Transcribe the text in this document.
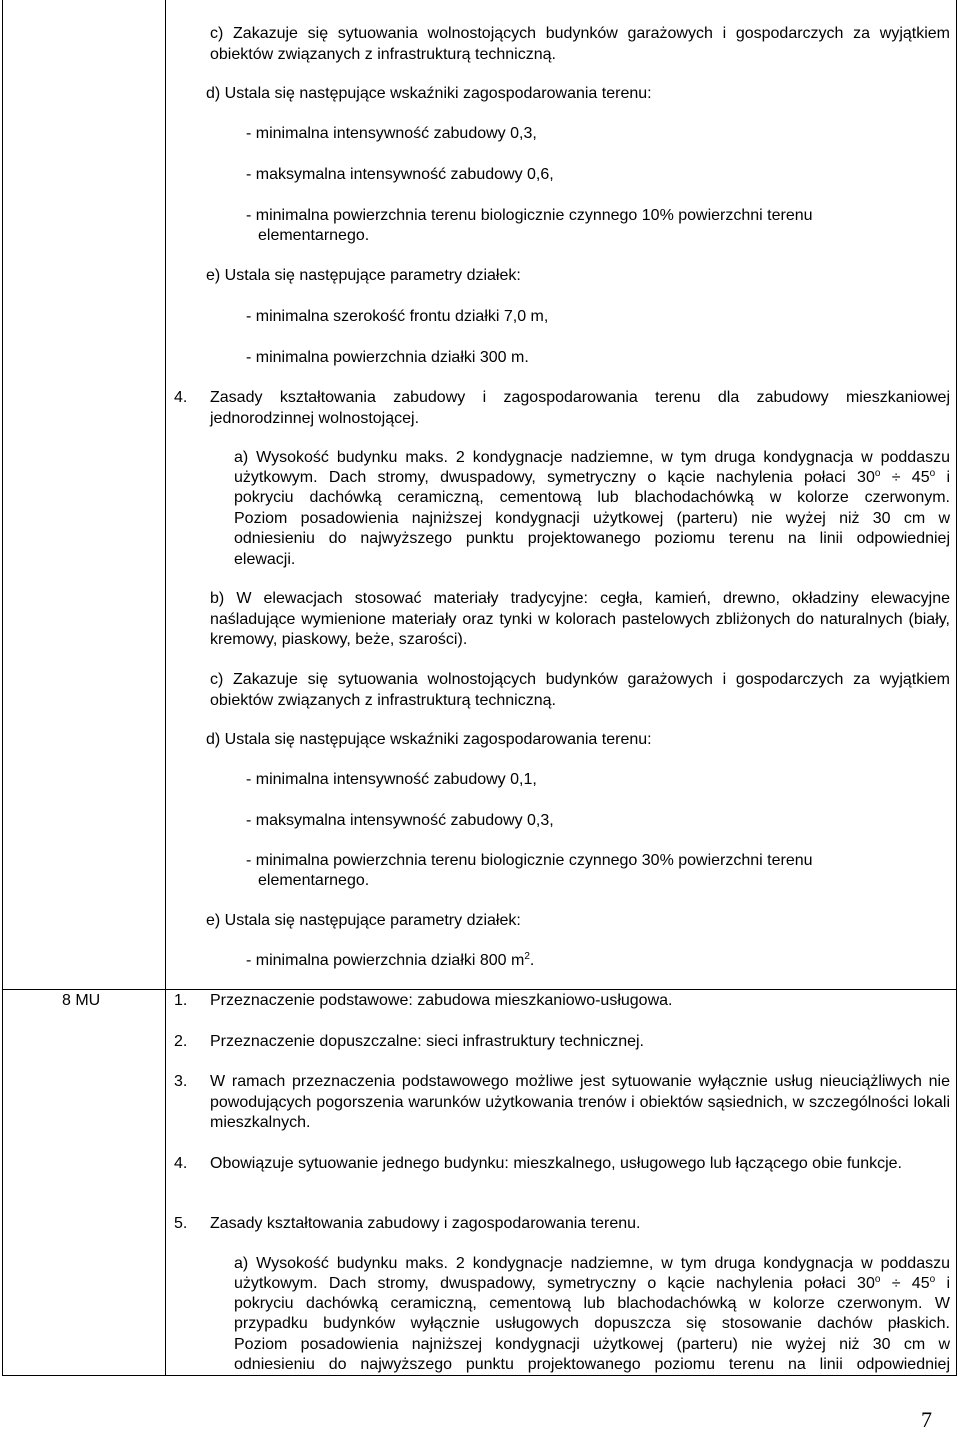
c) Zakazuje się sytuowania wolnostojących budynków garażowych i gospodarczych za wyjątkiem obiektów związanych z infrastrukturą techniczną.

d) Ustala się następujące wskaźniki zagospodarowania terenu:

- minimalna intensywność zabudowy 0,3,

- maksymalna intensywność zabudowy 0,6,

- minimalna powierzchnia terenu biologicznie czynnego 10% powierzchni terenu

elementarnego.

e) Ustala się następujące parametry działek:

- minimalna szerokość frontu działki 7,0 m,

- minimalna powierzchnia działki 300 m.

4. Zasady kształtowania zabudowy i zagospodarowania terenu dla zabudowy mieszkaniowej jednorodzinnej wolnostojącej.

a) Wysokość budynku maks. 2 kondygnacje nadziemne, w tym druga kondygnacja w poddaszu

użytkowym. Dach stromy, dwuspadowy, symetryczny o kącie nachylenia połaci $30^o \div 45^o$ i

pokryciu dachówką ceramiczną, cementową lub blachodachówką w kolorze czerwonym.

Poziom posadowienia najniższej kondygnacji użytkowej (parteru) nie wyżej niż 30 cm w

odniesieniu do najwyższego punktu projektowanego poziomu terenu na linii odpowiedniej

elewacji.

b) W elewacjach stosować materiały tradycyjne: cegła, kamień, drewno, okładziny elewacyjne naśladujące wymienione materiały oraz tynki w kolorach pastelowych zbliżonych do naturalnych (biały, kremowy, piaskowy, beże, szarości).

c) Zakazuje się sytuowania wolnostojących budynków garażowych i gospodarczych za wyjątkiem obiektów związanych z infrastrukturą techniczną.

d) Ustala się następujące wskaźniki zagospodarowania terenu:

- minimalna intensywność zabudowy 0,1,

- maksymalna intensywność zabudowy 0,3,

- minimalna powierzchnia terenu biologicznie czynnego 30% powierzchni terenu

elementarnego.

e) Ustala się następujące parametry działek:

- minimalna powierzchnia działki 800 $m^2$.

8 MU	1. Przeznaczenie podstawowe: zabudowa mieszkaniowo-usługowa.

2. Przeznaczenie dopuszczalne: sieci infrastruktury technicznej.

3. W ramach przeznaczenia podstawowego możliwe jest sytuowanie wyłącznie usług nieuciążliwych nie powodujących pogorszenia warunków użytkowania trenów i obiektów sąsiednich, w szczególności lokali mieszkalnych.

4. Obowiązuje sytuowanie jednego budynku: mieszkalnego, usługowego lub łączącego obie funkcje.

5. Zasady kształtowania zabudowy i zagospodarowania terenu.

a) Wysokość budynku maks. 2 kondygnacje nadziemne, w tym druga kondygnacja w poddaszu

użytkowym. Dach stromy, dwuspadowy, symetryczny o kącie nachylenia połaci $30^o \div 45^o$ i

pokryciu dachówką ceramiczną, cementową lub blachodachówką w kolorze czerwonym. W

przypadku budynków wyłącznie usługowych dopuszcza się stosowanie dachów płaskich.

Poziom posadowienia najniższej kondygnacji użytkowej (parteru) nie wyżej niż 30 cm w

odniesieniu do najwyższego punktu projektowanego poziomu terenu na linii odpowiedniej

7
